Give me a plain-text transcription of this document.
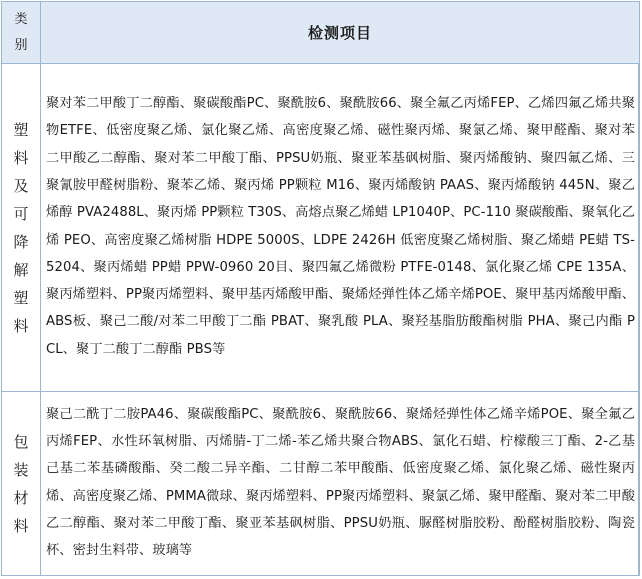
类别	检测项目

塑料及可降解塑料	聚对苯二甲酸丁二醇酯、聚碳酸酯PC、聚酰胺6、聚酰胺66、聚全氟乙丙烯FEP、乙烯四氟乙烯共聚物ETFE、低密度聚乙烯、氯化聚乙烯、高密度聚乙烯、磁性聚丙烯、聚氯乙烯、聚甲醛酯、聚对苯二甲酸乙二醇酯、聚对苯二甲酸丁酯、PPSU奶瓶、聚亚苯基砜树脂、聚丙烯酸钠、聚四氟乙烯、三聚氰胺甲醛树脂粉、聚苯乙烯、聚丙烯 PP颗粒 M16、聚丙烯酸钠 PAAS、聚丙烯酸钠 445N、聚乙烯醇 PVA2488L、聚丙烯 PP颗粒 T30S、高熔点聚乙烯蜡 LP1040P、PC-110 聚碳酸酯、聚氧化乙烯 PEO、高密度聚乙烯树脂 HDPE 5000S、LDPE 2426H 低密度聚乙烯树脂、聚乙烯蜡 PE蜡 TS-5204、聚丙烯蜡 PP蜡 PPW-0960 20目、聚四氟乙烯微粉 PTFE-0148、氯化聚乙烯 CPE 135A、聚丙烯塑料、PP聚丙烯塑料、聚甲基丙烯酸甲酯、聚烯烃弹性体乙烯辛烯POE、聚甲基丙烯酸甲酯、ABS板、聚己二酸/对苯二甲酸丁二酯 PBAT、聚乳酸 PLA、聚羟基脂肪酸酯树脂 PHA、聚己内酯 PCL、聚丁二酸丁二醇酯 PBS等

包装材料	聚己二酰丁二胺PA46、聚碳酸酯PC、聚酰胺6、聚酰胺66、聚烯烃弹性体乙烯辛烯POE、聚全氟乙丙烯FEP、水性环氧树脂、丙烯腈-丁二烯-苯乙烯共聚合物ABS、氯化石蜡、柠檬酸三丁酯、2-乙基己基二苯基磷酸酯、癸二酸二异辛酯、二甘醇二苯甲酸酯、低密度聚乙烯、氯化聚乙烯、磁性聚丙烯、高密度聚乙烯、PMMA微球、聚丙烯塑料、PP聚丙烯塑料、聚氯乙烯、聚甲醛酯、聚对苯二甲酸乙二醇酯、聚对苯二甲酸丁酯、聚亚苯基砜树脂、PPSU奶瓶、脲醛树脂胶粉、酚醛树脂胶粉、陶瓷杯、密封生料带、玻璃等
